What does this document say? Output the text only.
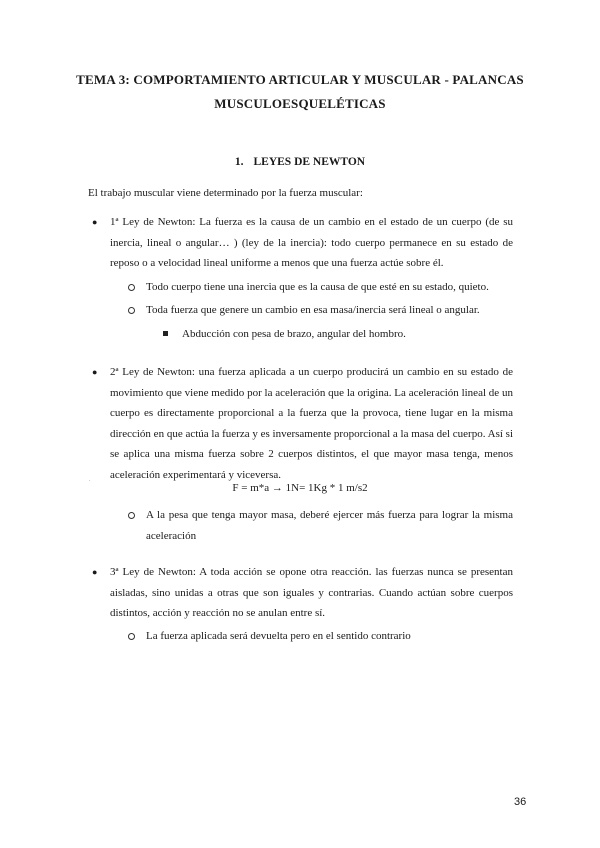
TEMA 3: COMPORTAMIENTO ARTICULAR Y MUSCULAR - PALANCAS
MUSCULOESQUELÉTICAS
1. LEYES DE NEWTON
El trabajo muscular viene determinado por la fuerza muscular:
● 1ª Ley de Newton: La fuerza es la causa de un cambio en el estado de un cuerpo (de su inercia, lineal o angular… ) (ley de la inercia): todo cuerpo permanece en su estado de reposo o a velocidad lineal uniforme a menos que una fuerza actúe sobre él.
Todo cuerpo tiene una inercia que es la causa de que esté en su estado, quieto.
Toda fuerza que genere un cambio en esa masa/inercia será lineal o angular.
Abducción con pesa de brazo, angular del hombro.
● 2ª Ley de Newton: una fuerza aplicada a un cuerpo producirá un cambio en su estado de movimiento que viene medido por la aceleración que la origina. La aceleración lineal de un cuerpo es directamente proporcional a la fuerza que la provoca, tiene lugar en la misma dirección en que actúa la fuerza y es inversamente proporcional a la masa del cuerpo. Así si se aplica una misma fuerza sobre 2 cuerpos distintos, el que mayor masa tenga, menos aceleración experimentará y viceversa.
.
F = m*a → 1N= 1Kg * 1 m/s2
A la pesa que tenga mayor masa, deberé ejercer más fuerza para lograr la misma aceleración
● 3ª Ley de Newton: A toda acción se opone otra reacción. las fuerzas nunca se presentan aisladas, sino unidas a otras que son iguales y contrarias. Cuando actúan sobre cuerpos distintos, acción y reacción no se anulan entre sí.
La fuerza aplicada será devuelta pero en el sentido contrario
36
